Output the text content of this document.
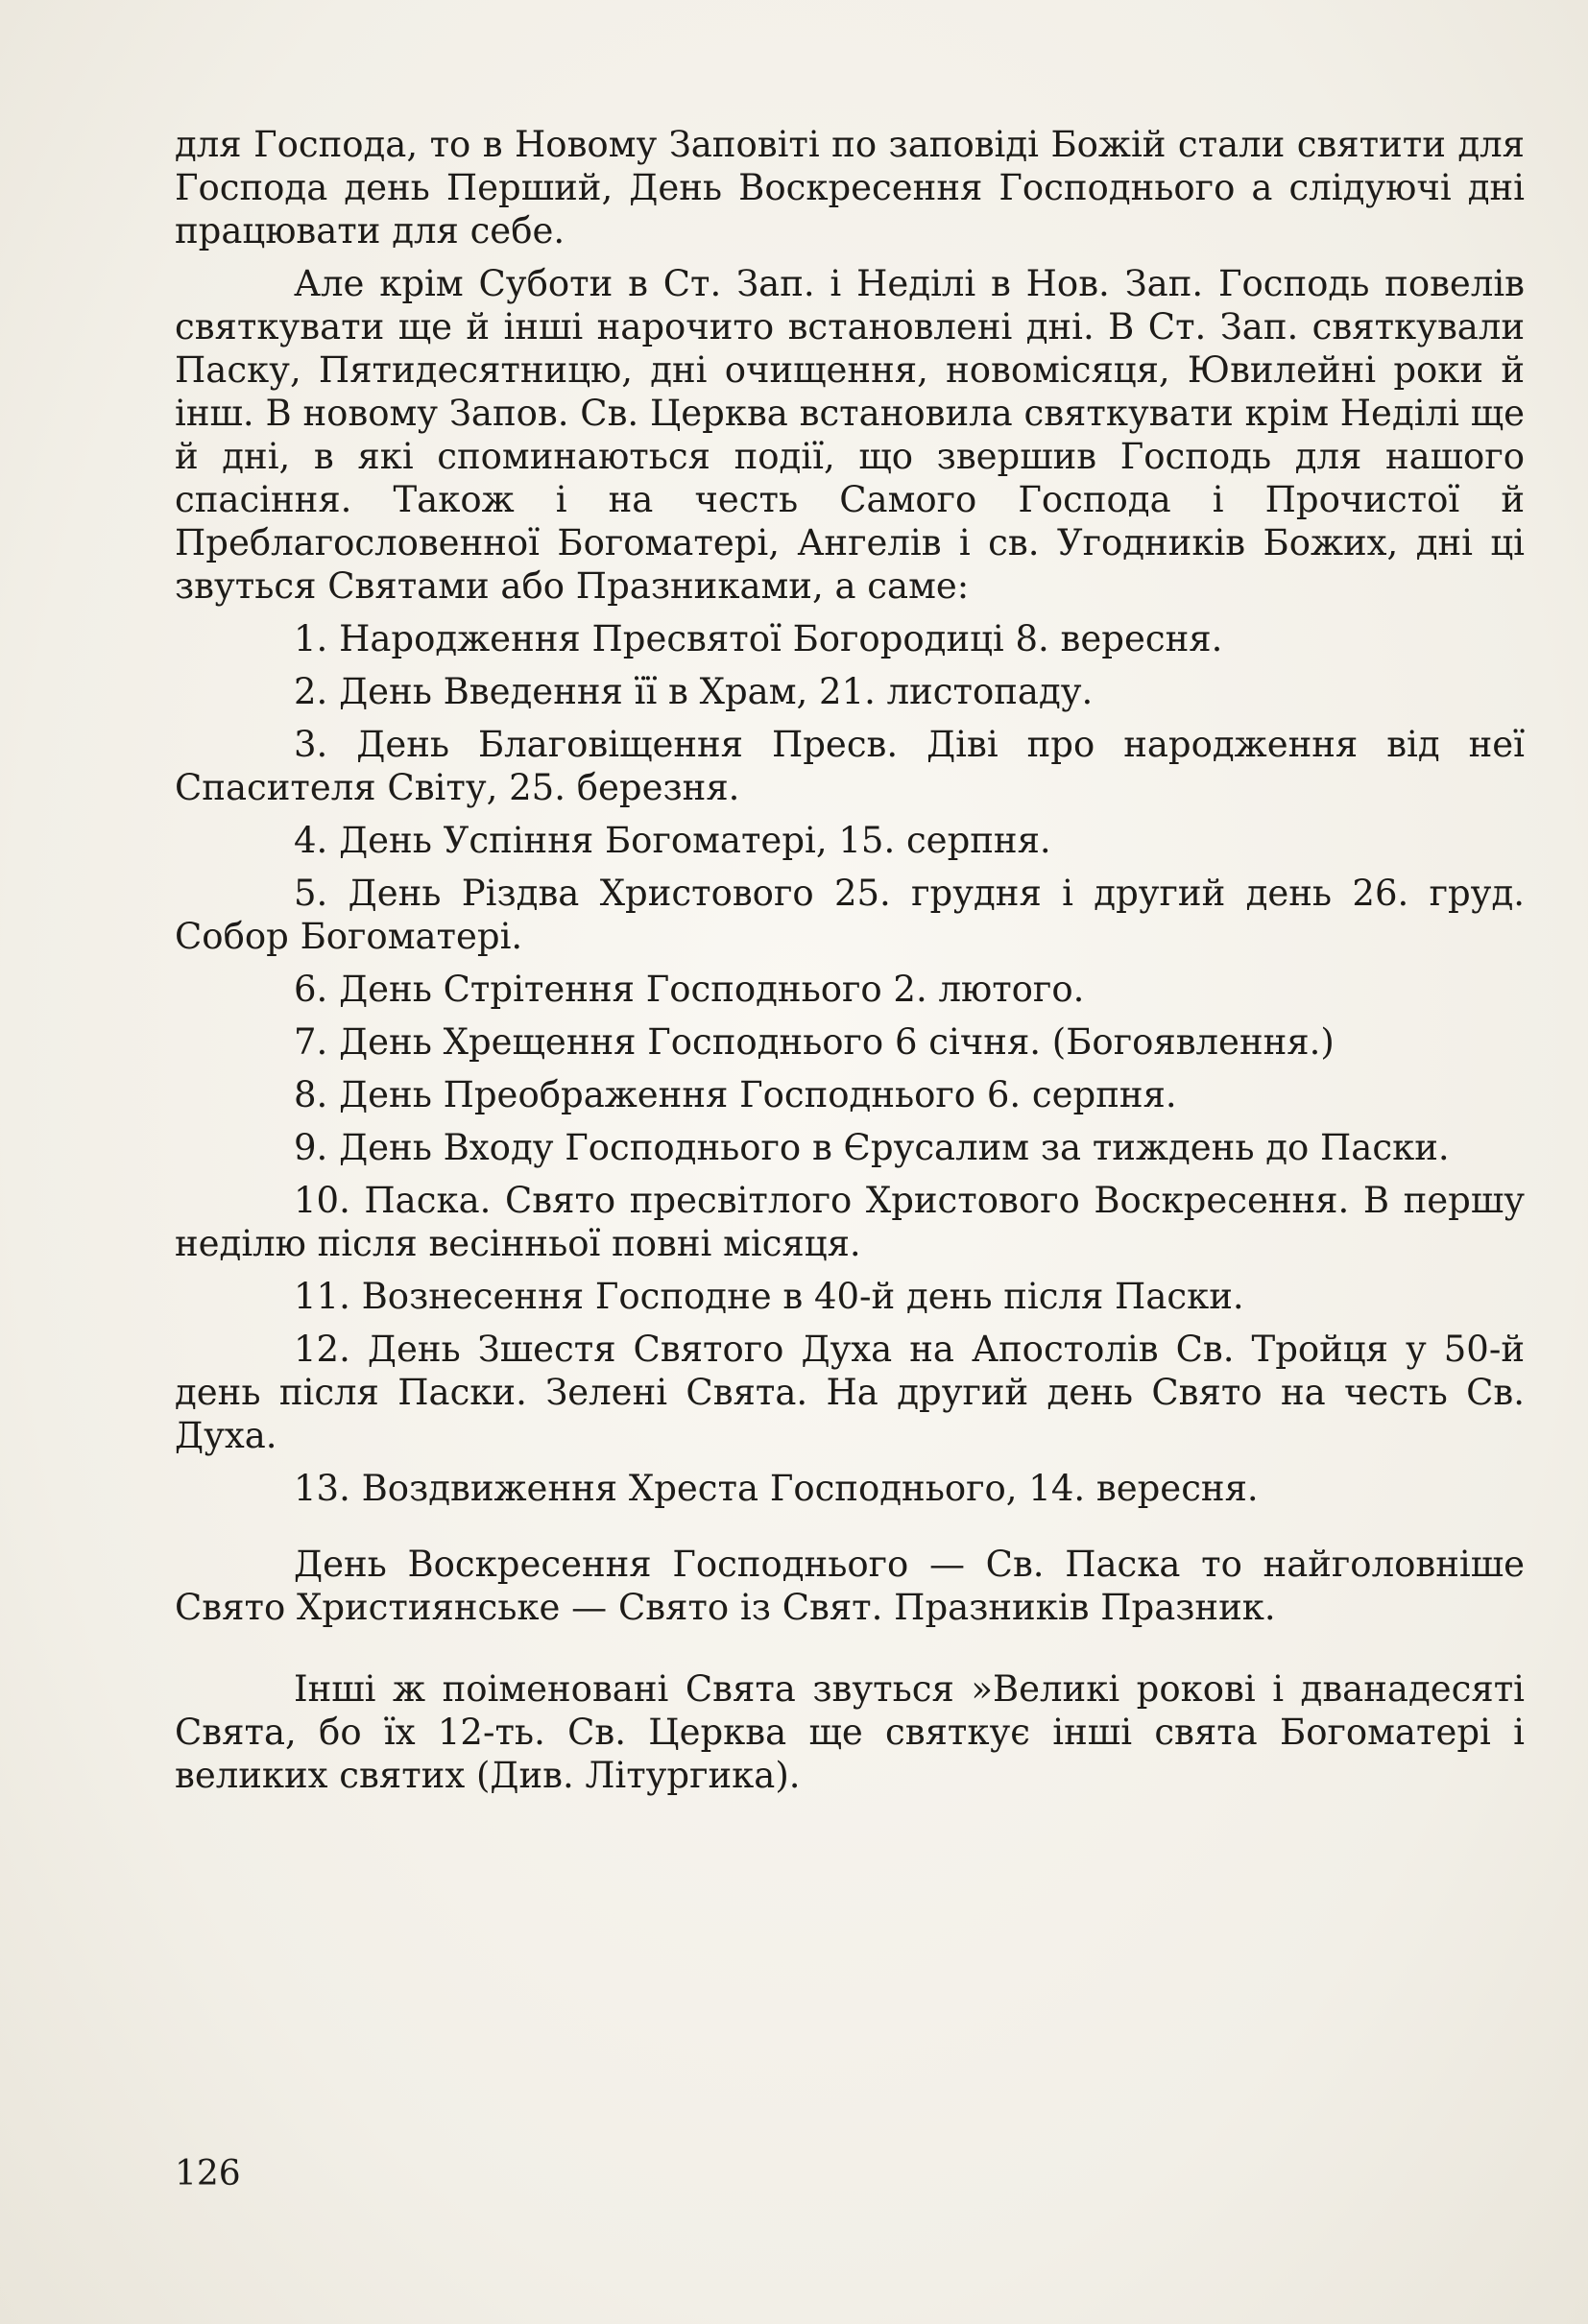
для Господа, то в Новому Заповіті по заповіді Божій стали святити для Господа день Перший, День Воскресення Господнього а слідуючі дні працювати для себе.

Але крім Суботи в Ст. Зап. і Неділі в Нов. Зап. Господь повелів святкувати ще й інші нарочито встановлені дні. В Ст. Зап. святкували Паску, Пятидесятницю, дні очищення, новомісяця, Ювилейні роки й інш. В новому Запов. Св. Церква встановила святкувати крім Неділі ще й дні, в які споминаються події, що звершив Господь для нашого спасіння. Також і на честь Самого Господа і Прочистої й Преблагословенної Богоматері, Ангелів і св. Угодників Божих, дні ці звуться Святами або Празниками, а саме:

1. Народження Пресвятої Богородиці 8. вересня.

2. День Введення її в Храм, 21. листопаду.

3. День Благовіщення Пресв. Діві про народження від неї Спасителя Світу, 25. березня.

4. День Успіння Богоматері, 15. серпня.

5. День Різдва Христового 25. грудня і другий день 26. груд. Собор Богоматері.

6. День Стрітення Господнього 2. лютого.

7. День Хрещення Господнього 6 січня. (Богоявлення.)

8. День Преображення Господнього 6. серпня.

9. День Входу Господнього в Єрусалим за тиждень до Паски.

10. Паска. Свято пресвітлого Христового Воскресення. В першу неділю після весінньої повні місяця.

11. Вознесення Господне в 40-й день після Паски.

12. День Зшестя Святого Духа на Апостолів Св. Тройця у 50-й день після Паски. Зелені Свята. На другий день Свято на честь Св. Духа.

13. Воздвиження Хреста Господнього, 14. вересня.

День Воскресення Господнього — Св. Паска то найголовніше Свято Християнське — Свято із Свят. Празників Празник.

Інші ж поіменовані Свята звуться »Великі рокові і дванадесяті Свята, бо їх 12-ть. Св. Церква ще святкує інші свята Богоматері і великих святих (Див. Літургика).

126
